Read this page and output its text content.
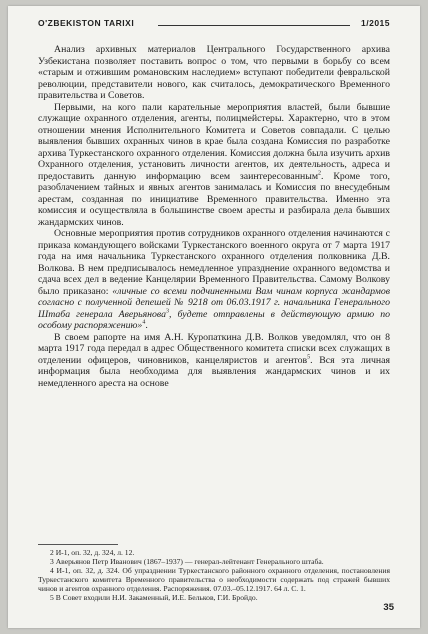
O'ZBEKISTON TARIXI	1/2015

Анализ архивных материалов Центрального Государственного архива Узбекистана позволяет поставить вопрос о том, что первыми в борьбу со всем «старым и отжившим романовским наследием» вступают победители февральской революции, представители нового, как считалось, демократического Временного правительства и Советов.

Первыми, на кого пали карательные мероприятия властей, были бывшие служащие охранного отделения, агенты, полицмейстеры. Характерно, что в этом отношении мнения Исполнительного Комитета и Советов совпадали. С целью выявления бывших охранных чинов в крае была создана Комиссия по разработке архива Туркестанского охранного отделения. Комиссия должна была изучить архив Охранного отделения, установить личности агентов, их деятельность, адреса и предоставить данную информацию всем заинтересованным$^2$. Кроме того, разоблачением тайных и явных агентов занималась и Комиссия по внесудебным арестам, созданная по инициативе Временного правительства. Именно эта комиссия и осуществляла в большинстве своем аресты и разбирала дела бывших жандармских чинов.

Основные мероприятия против сотрудников охранного отделения начинаются с приказа командующего войсками Туркестанского военного округа от 7 марта 1917 года на имя начальника Туркестанского охранного отделения полковника Д.В. Волкова. В нем предписывалось немедленное упразднение охранного ведомства и сдача всех дел в ведение Канцелярии Временного Правительства. Самому Волкову было приказано: «личные со всеми подчиненными Вам чинам корпуса жандармов согласно с полученной депешей № 9218 от 06.03.1917 г. начальника Генерального Штаба генерала Аверьянова$^3$, будете отправлены в действующую армию по особому распоряжению»$^4$.

В своем рапорте на имя А.Н. Куропаткина Д.В. Волков уведомлял, что он 8 марта 1917 года передал в адрес Общественного комитета списки всех служащих в отделении офицеров, чиновников, канцеляристов и агентов$^5$. Вся эта личная информация была необходима для выявления жандармских чинов и их немедленного ареста на основе

2 И-1, оп. 32, д. 324, л. 12.
3 Аверьянов Петр Иванович (1867–1937) — генерал-лейтенант Генерального штаба.
4 И-1, оп. 32, д. 324. Об упразднении Туркестанского районного охранного отделения, постановления Туркестанского комитета Временного правительства о необходимости содержать под стражей бывших чинов и агентов охранного отделения. Распоряжения. 07.03.–05.12.1917. 64 л. С. 1.
5 В Совет входили Н.И. Закаменный, И.Е. Бельков, Г.И. Бройдо.
35
